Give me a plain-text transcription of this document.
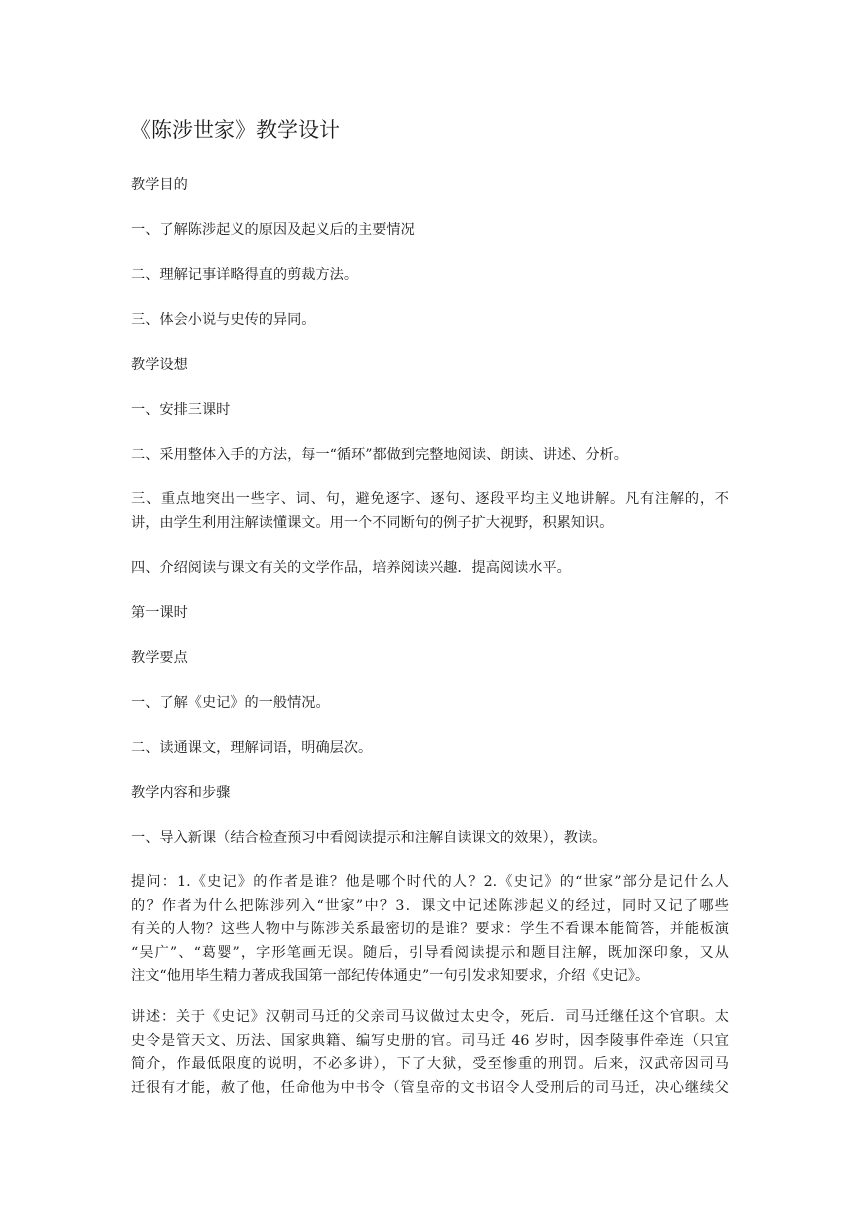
《陈涉世家》教学设计
教学目的
一、了解陈涉起义的原因及起义后的主要情况
二、理解记事详略得直的剪裁方法。
三、体会小说与史传的异同。
教学设想
一、安排三课时
二、采用整体入手的方法，每一“循环”都做到完整地阅读、朗读、讲述、分析。
三、重点地突出一些字、词、句，避免逐字、逐句、逐段平均主义地讲解。凡有注解的，不
讲，由学生利用注解读懂课文。用一个不同断句的例子扩大视野，积累知识。
四、介绍阅读与课文有关的文学作品，培养阅读兴趣．提高阅读水平。
第一课时
教学要点
一、了解《史记》的一般情况。
二、读通课文，理解词语，明确层次。
教学内容和步骤
一、导入新课（结合检查预习中看阅读提示和注解自读课文的效果），教读。
提问：1.《史记》的作者是谁？他是哪个时代的人？2.《史记》的“世家”部分是记什么人
的？作者为什么把陈涉列入“世家”中？3．课文中记述陈涉起义的经过，同时又记了哪些
有关的人物？这些人物中与陈涉关系最密切的是谁？要求：学生不看课本能简答，并能板演
“吴广”、“葛婴”，字形笔画无误。随后，引导看阅读提示和题目注解，既加深印象，又从
注文“他用毕生精力著成我国第一部纪传体通史”一句引发求知要求，介绍《史记》。
讲述：关于《史记》汉朝司马迁的父亲司马议做过太史令，死后．司马迁继任这个官职。太
史令是管天文、历法、国家典籍、编写史册的官。司马迁 46 岁时，因李陵事件牵连（只宜
简介，作最低限度的说明，不必多讲），下了大狱，受至惨重的刑罚。后来，汉武帝因司马
迁很有才能，赦了他，任命他为中书令（管皇帝的文书诏令人受刑后的司马迁，决心继续父
